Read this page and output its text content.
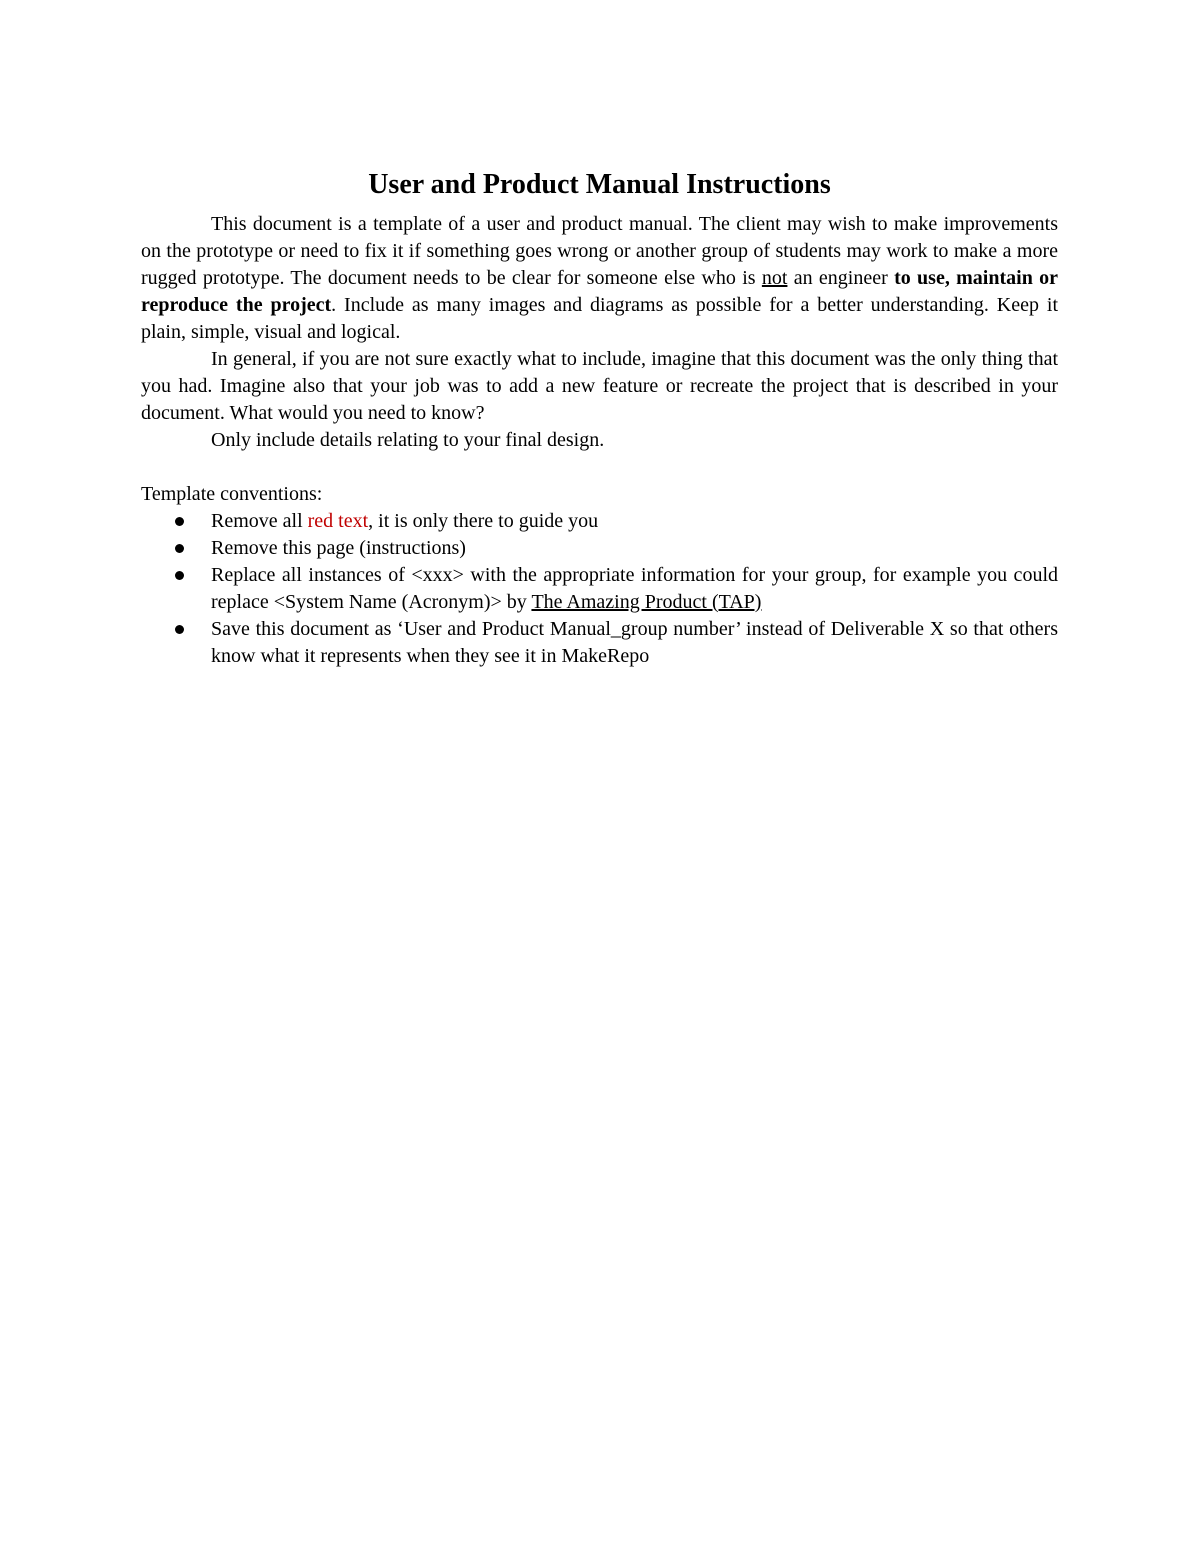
User and Product Manual Instructions

This document is a template of a user and product manual. The client may wish to make improvements on the prototype or need to fix it if something goes wrong or another group of students may work to make a more rugged prototype. The document needs to be clear for someone else who is not an engineer to use, maintain or reproduce the project. Include as many images and diagrams as possible for a better understanding. Keep it plain, simple, visual and logical.

In general, if you are not sure exactly what to include, imagine that this document was the only thing that you had. Imagine also that your job was to add a new feature or recreate the project that is described in your document. What would you need to know?

Only include details relating to your final design.

Template conventions:

Remove all red text, it is only there to guide you
Remove this page (instructions)
Replace all instances of <xxx> with the appropriate information for your group, for example you could replace <System Name (Acronym)> by The Amazing Product (TAP)
Save this document as ‘User and Product Manual_group number’ instead of Deliverable X so that others know what it represents when they see it in MakeRepo
